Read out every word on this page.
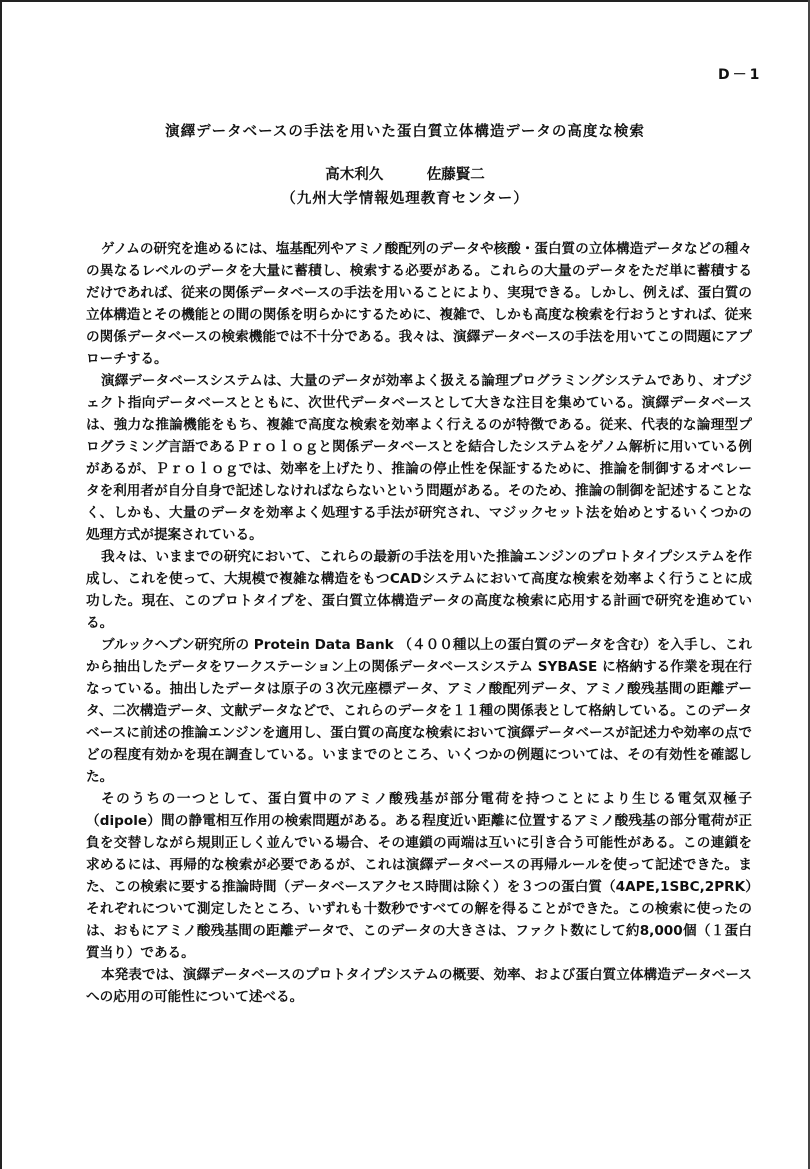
D－1
演繹データベースの手法を用いた蛋白質立体構造データの高度な検索
高木利久　　　佐藤賢二
（九州大学情報処理教育センター）

ゲノムの研究を進めるには、塩基配列やアミノ酸配列のデータや核酸・蛋白質の立体構造データなどの種々の異なるレベルのデータを大量に蓄積し、検索する必要がある。これらの大量のデータをただ単に蓄積するだけであれば、従来の関係データベースの手法を用いることにより、実現できる。しかし、例えば、蛋白質の立体構造とその機能との間の関係を明らかにするために、複雑で、しかも高度な検索を行おうとすれば、従来の関係データベースの検索機能では不十分である。我々は、演繹データベースの手法を用いてこの問題にアプローチする。

演繹データベースシステムは、大量のデータが効率よく扱える論理プログラミングシステムであり、オブジェクト指向データベースとともに、次世代データベースとして大きな注目を集めている。演繹データベースは、強力な推論機能をもち、複雑で高度な検索を効率よく行えるのが特徴である。従来、代表的な論理型プログラミング言語であるＰｒｏｌｏｇと関係データベースとを結合したシステムをゲノム解析に用いている例があるが、Ｐｒｏｌｏｇでは、効率を上げたり、推論の停止性を保証するために、推論を制御するオペレータを利用者が自分自身で記述しなければならないという問題がある。そのため、推論の制御を記述することなく、しかも、大量のデータを効率よく処理する手法が研究され、マジックセット法を始めとするいくつかの処理方式が提案されている。

我々は、いままでの研究において、これらの最新の手法を用いた推論エンジンのプロトタイプシステムを作成し、これを使って、大規模で複雑な構造をもつCADシステムにおいて高度な検索を効率よく行うことに成功した。現在、このプロトタイプを、蛋白質立体構造データの高度な検索に応用する計画で研究を進めている。

ブルックヘブン研究所の Protein Data Bank （４００種以上の蛋白質のデータを含む）を入手し、これから抽出したデータをワークステーション上の関係データベースシステム SYBASE に格納する作業を現在行なっている。抽出したデータは原子の３次元座標データ、アミノ酸配列データ、アミノ酸残基間の距離データ、二次構造データ、文献データなどで、これらのデータを１１種の関係表として格納している。このデータベースに前述の推論エンジンを適用し、蛋白質の高度な検索において演繹データベースが記述力や効率の点でどの程度有効かを現在調査している。いままでのところ、いくつかの例題については、その有効性を確認した。

そのうちの一つとして、蛋白質中のアミノ酸残基が部分電荷を持つことにより生じる電気双極子（dipole）間の静電相互作用の検索問題がある。ある程度近い距離に位置するアミノ酸残基の部分電荷が正負を交替しながら規則正しく並んでいる場合、その連鎖の両端は互いに引き合う可能性がある。この連鎖を求めるには、再帰的な検索が必要であるが、これは演繹データベースの再帰ルールを使って記述できた。また、この検索に要する推論時間（データベースアクセス時間は除く）を３つの蛋白質（4APE,1SBC,2PRK）それぞれについて測定したところ、いずれも十数秒ですべての解を得ることができた。この検索に使ったのは、おもにアミノ酸残基間の距離データで、このデータの大きさは、ファクト数にして約8,000個（１蛋白質当り）である。

本発表では、演繹データベースのプロトタイプシステムの概要、効率、および蛋白質立体構造データベースへの応用の可能性について述べる。
